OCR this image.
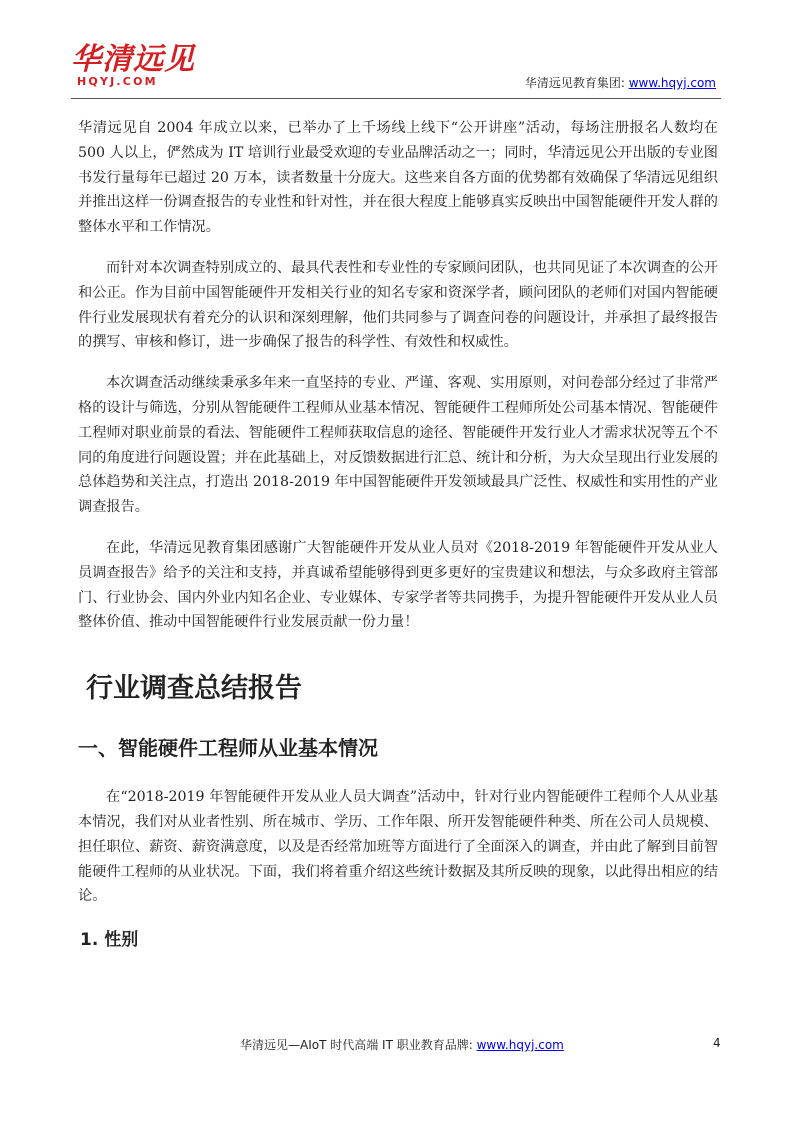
华清远见
HQYJ.COM	华清远见教育集团: www.hqyj.com

华清远见自 2004 年成立以来，已举办了上千场线上线下“公开讲座”活动，每场注册报名人数均在 500 人以上，俨然成为 IT 培训行业最受欢迎的专业品牌活动之一；同时，华清远见公开出版的专业图书发行量每年已超过 20 万本，读者数量十分庞大。这些来自各方面的优势都有效确保了华清远见组织并推出这样一份调查报告的专业性和针对性，并在很大程度上能够真实反映出中国智能硬件开发人群的整体水平和工作情况。

而针对本次调查特别成立的、最具代表性和专业性的专家顾问团队，也共同见证了本次调查的公开和公正。作为目前中国智能硬件开发相关行业的知名专家和资深学者，顾问团队的老师们对国内智能硬件行业发展现状有着充分的认识和深刻理解，他们共同参与了调查问卷的问题设计，并承担了最终报告的撰写、审核和修订，进一步确保了报告的科学性、有效性和权威性。

本次调查活动继续秉承多年来一直坚持的专业、严谨、客观、实用原则，对问卷部分经过了非常严格的设计与筛选，分别从智能硬件工程师从业基本情况、智能硬件工程师所处公司基本情况、智能硬件工程师对职业前景的看法、智能硬件工程师获取信息的途径、智能硬件开发行业人才需求状况等五个不同的角度进行问题设置；并在此基础上，对反馈数据进行汇总、统计和分析，为大众呈现出行业发展的总体趋势和关注点，打造出 2018-2019 年中国智能硬件开发领域最具广泛性、权威性和实用性的产业调查报告。

在此，华清远见教育集团感谢广大智能硬件开发从业人员对《2018-2019 年智能硬件开发从业人员调查报告》给予的关注和支持，并真诚希望能够得到更多更好的宝贵建议和想法，与众多政府主管部门、行业协会、国内外业内知名企业、专业媒体、专家学者等共同携手，为提升智能硬件开发从业人员整体价值、推动中国智能硬件行业发展贡献一份力量！

行业调查总结报告
一、智能硬件工程师从业基本情况

在“2018-2019 年智能硬件开发从业人员大调查”活动中，针对行业内智能硬件工程师个人从业基本情况，我们对从业者性别、所在城市、学历、工作年限、所开发智能硬件种类、所在公司人员规模、担任职位、薪资、薪资满意度，以及是否经常加班等方面进行了全面深入的调查，并由此了解到目前智能硬件工程师的从业状况。下面，我们将着重介绍这些统计数据及其所反映的现象，以此得出相应的结论。

1. 性别
华清远见—AIoT 时代高端 IT 职业教育品牌: www.hqyj.com	4
